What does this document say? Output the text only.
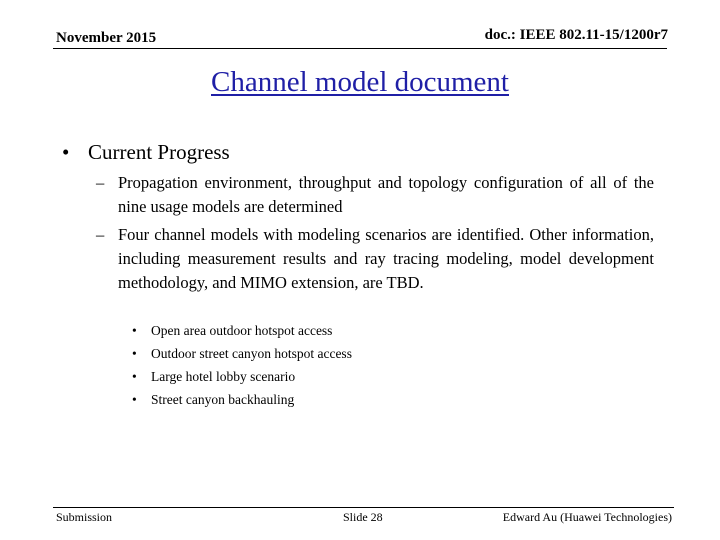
November 2015	doc.: IEEE 802.11-15/1200r7
Channel model document
• Current Progress
– Propagation environment, throughput and topology configuration of all of the nine usage models are determined
– Four channel models with modeling scenarios are identified. Other information, including measurement results and ray tracing modeling, model development methodology, and MIMO extension, are TBD.
•	Open area outdoor hotspot access
•	Outdoor street canyon hotspot access
•	Large hotel lobby scenario
•	Street canyon backhauling
Submission	Slide 28	Edward Au (Huawei Technologies)
